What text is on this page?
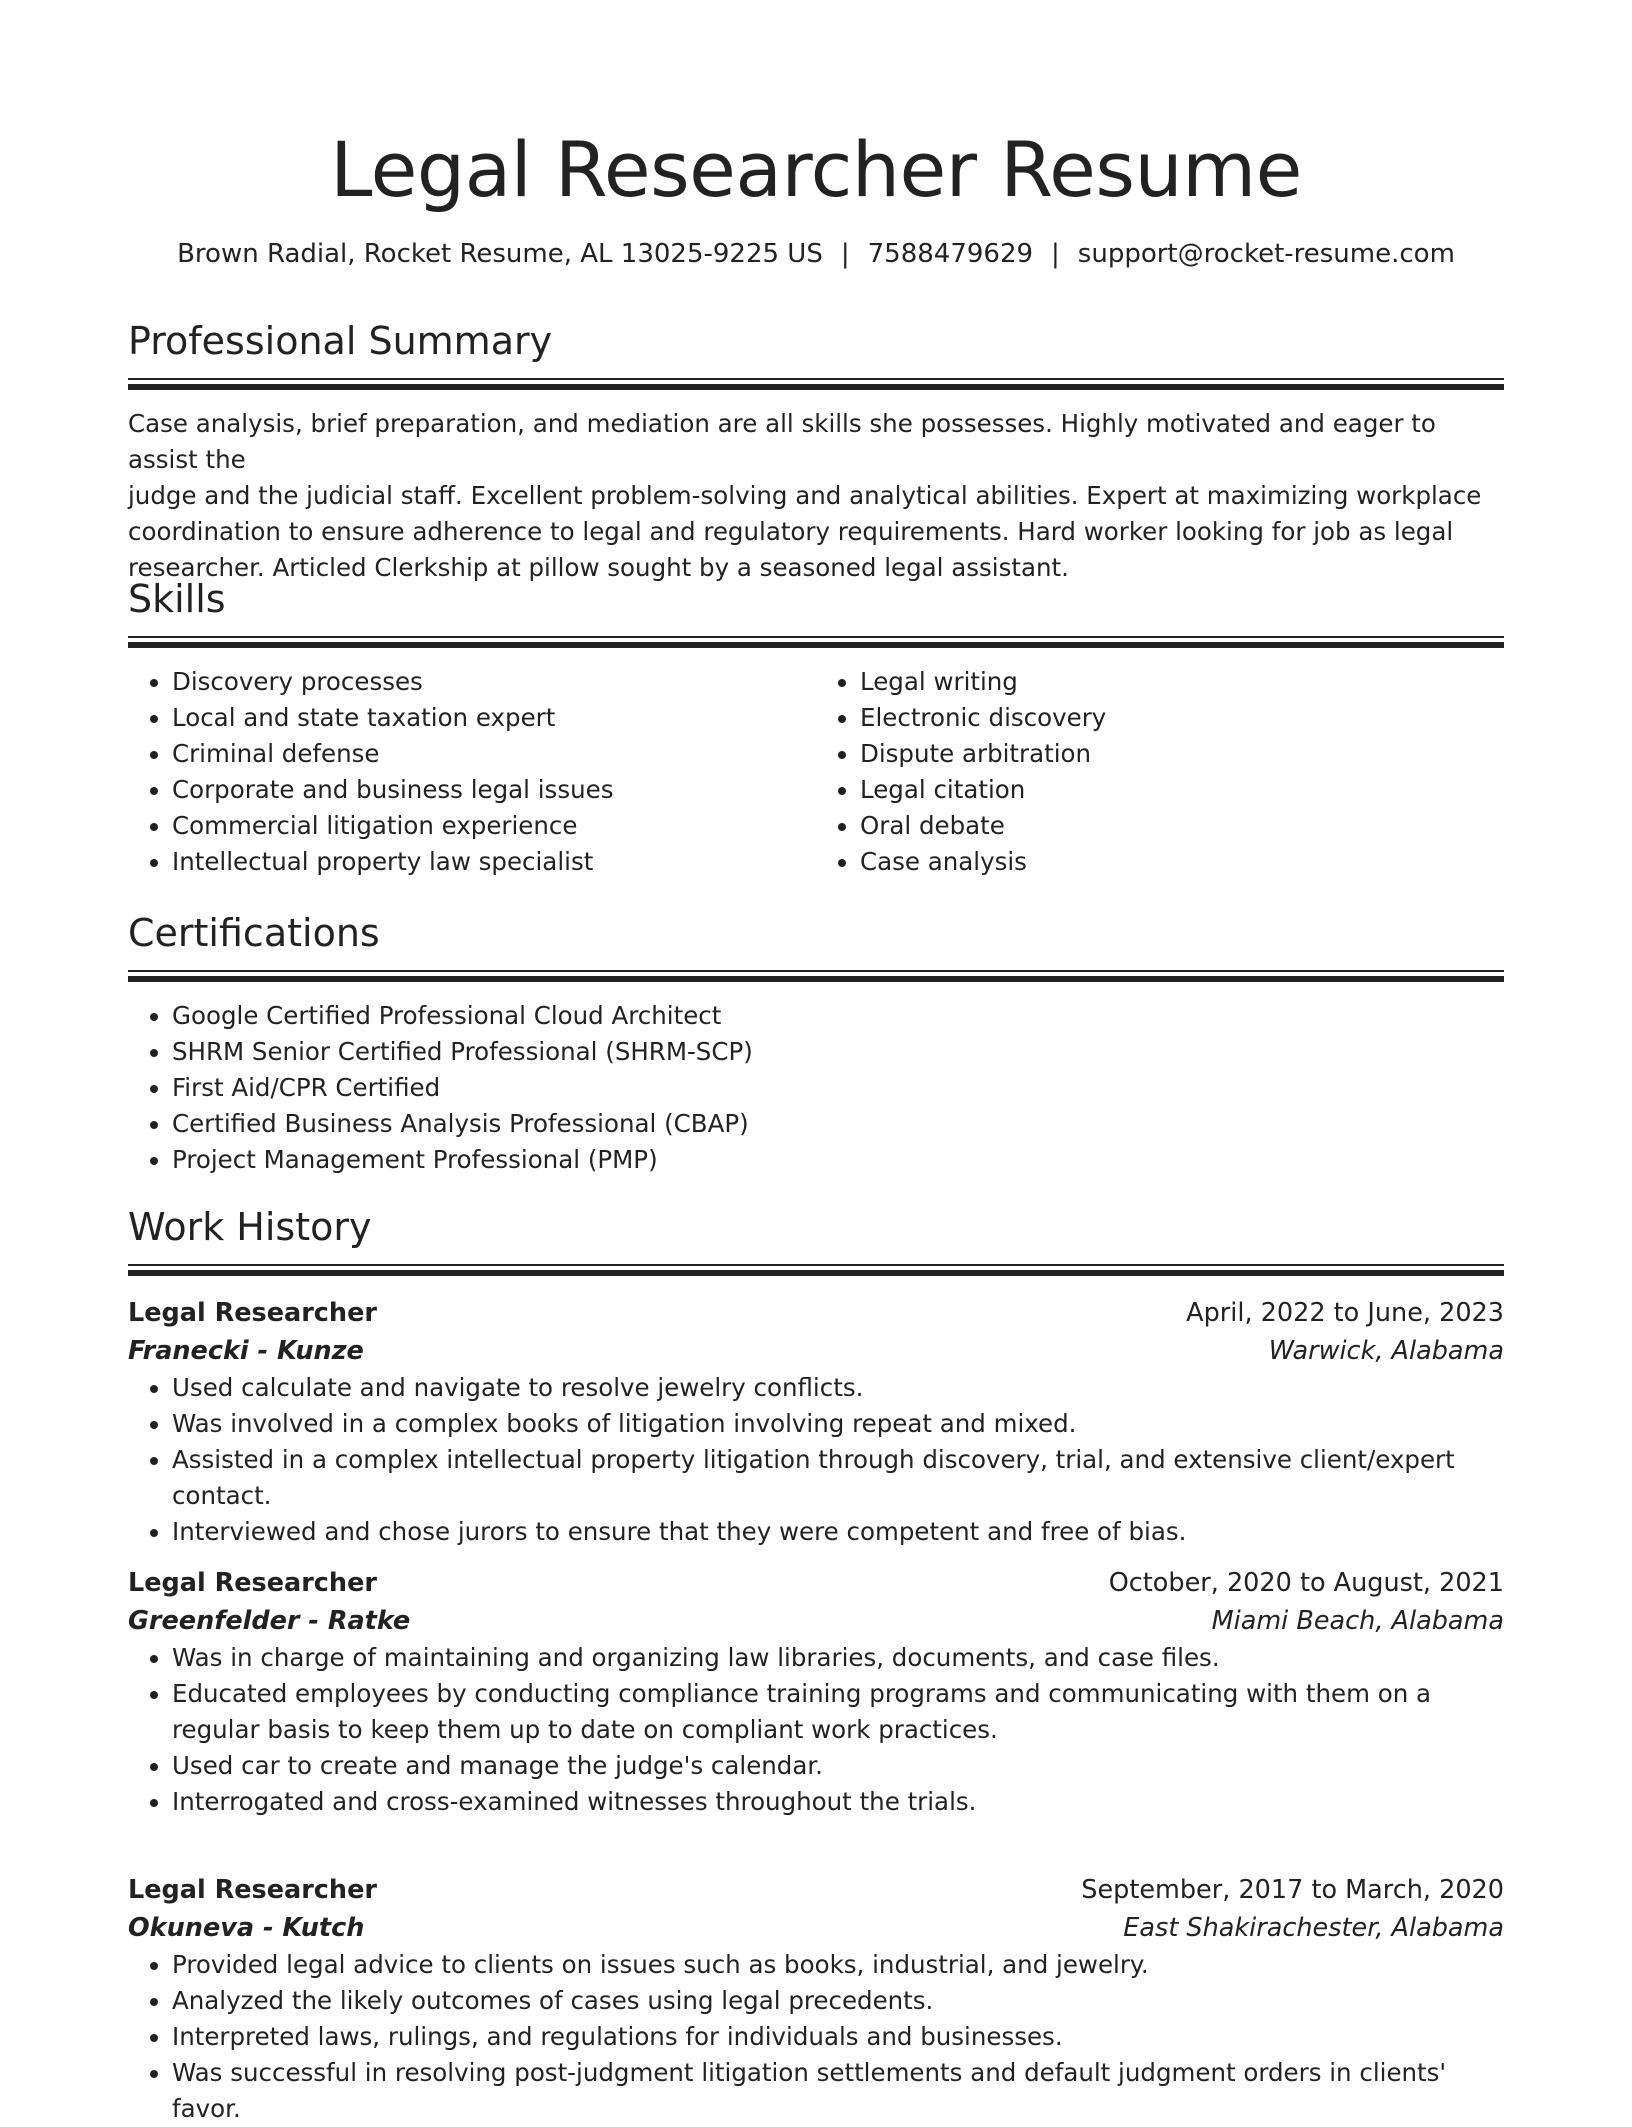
Legal Researcher Resume
Brown Radial, Rocket Resume, AL 13025-9225 US | 7588479629 | support@rocket-resume.com
Professional Summary
Case analysis, brief preparation, and mediation are all skills she possesses. Highly motivated and eager to assist the
judge and the judicial staff. Excellent problem-solving and analytical abilities. Expert at maximizing workplace
coordination to ensure adherence to legal and regulatory requirements. Hard worker looking for job as legal
researcher. Articled Clerkship at pillow sought by a seasoned legal assistant.
Skills
• Discovery processes
• Local and state taxation expert
• Criminal defense
• Corporate and business legal issues
• Commercial litigation experience
• Intellectual property law specialist
• Legal writing
• Electronic discovery
• Dispute arbitration
• Legal citation
• Oral debate
• Case analysis
Certifications
• Google Certified Professional Cloud Architect
• SHRM Senior Certified Professional (SHRM-SCP)
• First Aid/CPR Certified
• Certified Business Analysis Professional (CBAP)
• Project Management Professional (PMP)
Work History
Legal Researcher	April, 2022 to June, 2023
Franecki - Kunze	Warwick, Alabama
• Used calculate and navigate to resolve jewelry conflicts.
• Was involved in a complex books of litigation involving repeat and mixed.
• Assisted in a complex intellectual property litigation through discovery, trial, and extensive client/expert contact.
• Interviewed and chose jurors to ensure that they were competent and free of bias.
Legal Researcher	October, 2020 to August, 2021
Greenfelder - Ratke	Miami Beach, Alabama
• Was in charge of maintaining and organizing law libraries, documents, and case files.
• Educated employees by conducting compliance training programs and communicating with them on a regular basis to keep them up to date on compliant work practices.
• Used car to create and manage the judge's calendar.
• Interrogated and cross-examined witnesses throughout the trials.
Legal Researcher	September, 2017 to March, 2020
Okuneva - Kutch	East Shakirachester, Alabama
• Provided legal advice to clients on issues such as books, industrial, and jewelry.
• Analyzed the likely outcomes of cases using legal precedents.
• Interpreted laws, rulings, and regulations for individuals and businesses.
• Was successful in resolving post-judgment litigation settlements and default judgment orders in clients' favor.
